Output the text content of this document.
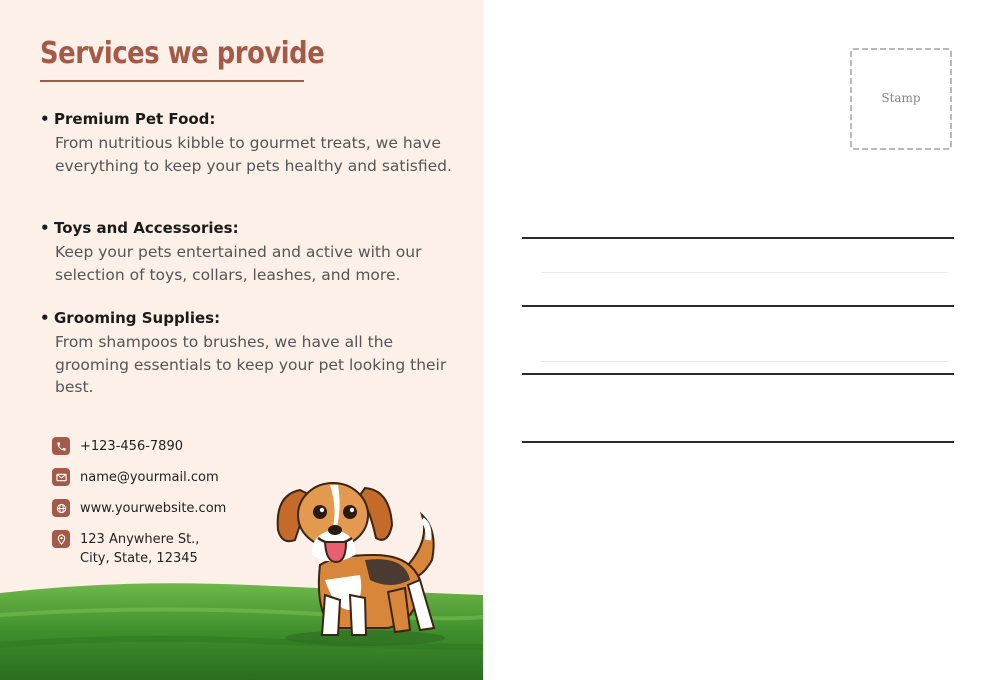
Services we provide
• Premium Pet Food:

From nutritious kibble to gourmet treats, we have everything to keep your pets healthy and satisfied.

• Toys and Accessories:

Keep your pets entertained and active with our selection of toys, collars, leashes, and more.

• Grooming Supplies:

From shampoos to brushes, we have all the grooming essentials to keep your pet looking their best.

+123-456-7890
name@yourmail.com
www.yourwebsite.com
123 Anywhere St.,
City, State, 12345
Stamp
